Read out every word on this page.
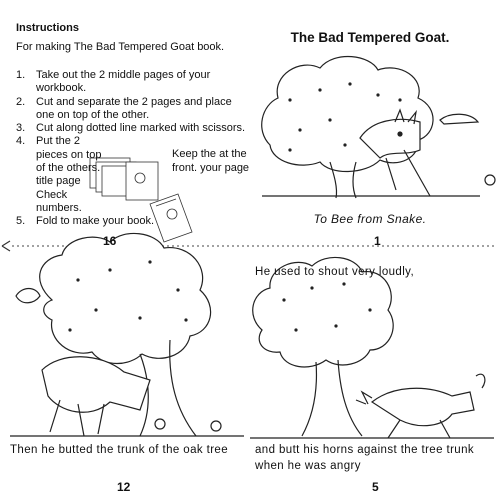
Instructions
For making The Bad Tempered Goat book.
1. Take out the 2 middle pages of your workbook.
2. Cut and separate the 2 pages and place one on top of the other.
3. Cut along dotted line marked with scissors.
4. Put the 2 pieces on top of the others. title page Check numbers.
Keep the at the front. your page
5. Fold to make your book.
16
The Bad Tempered Goat.
To Bee from Snake.
1
Then he butted the trunk of the oak tree
12
He used to shout very loudly,
and butt his horns against the tree trunk when he was angry
5
